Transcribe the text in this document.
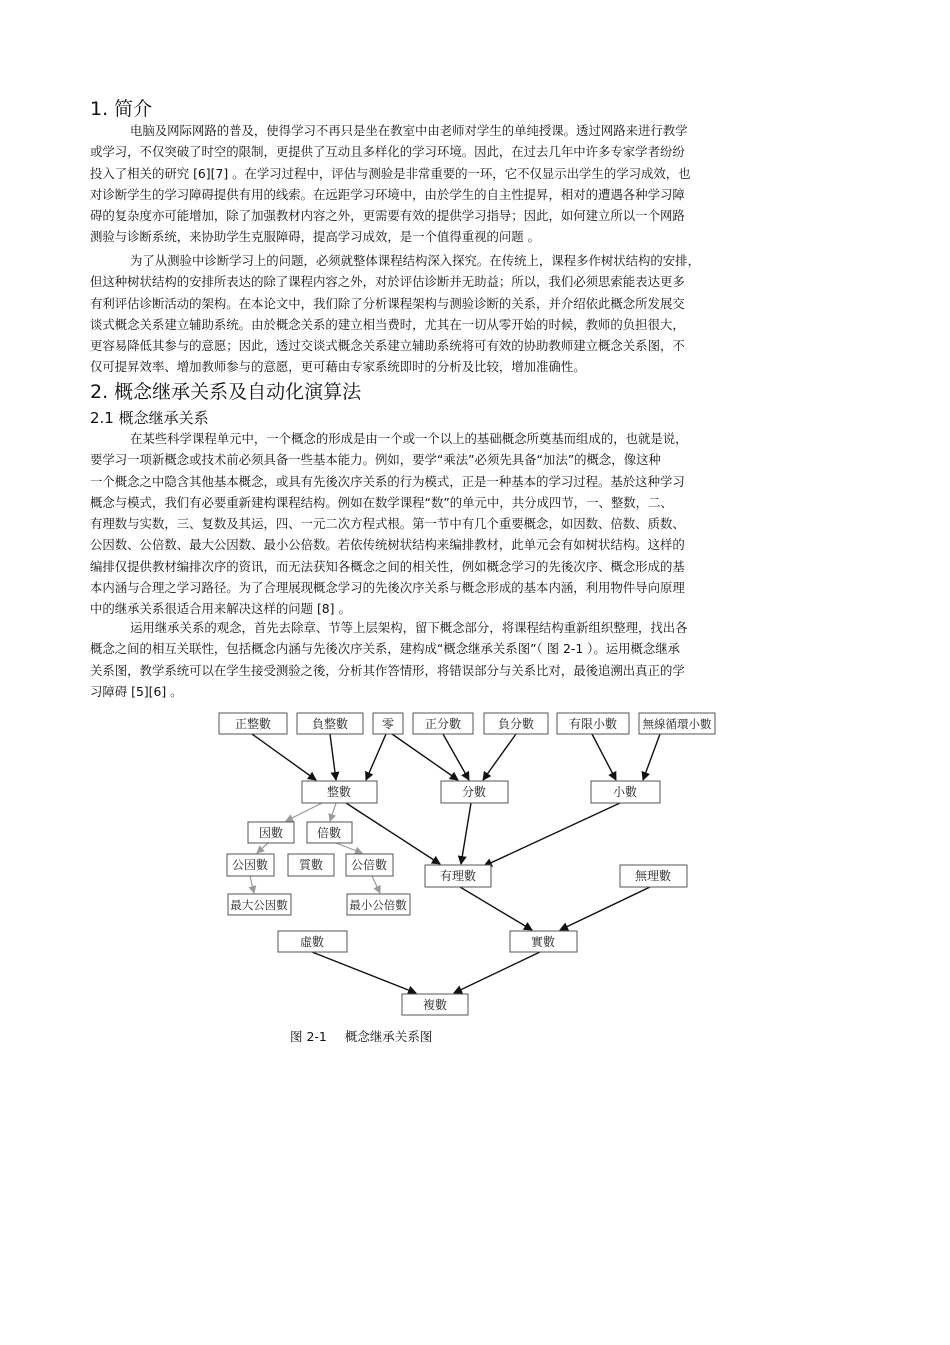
1. 简介
电脑及网际网路的普及，使得学习不再只是坐在教室中由老师对学生的单纯授课。透过网路来进行教学
或学习，不仅突破了时空的限制，更提供了互动且多样化的学习环境。因此，在过去几年中许多专家学者纷纷
投入了相关的研究 [6][7] 。在学习过程中，评估与测验是非常重要的一环，它不仅显示出学生的学习成效，也
对诊断学生的学习障碍提供有用的线索。在远距学习环境中，由於学生的自主性提昇，相对的遭遇各种学习障
碍的复杂度亦可能增加，除了加强教材内容之外，更需要有效的提供学习指导；因此，如何建立所以一个网路
测验与诊断系统，来协助学生克服障碍，提高学习成效，是一个值得重视的问题 。
为了从测验中诊断学习上的问题，必须就整体课程结构深入探究。在传统上，课程多作树状结构的安排，
但这种树状结构的安排所表达的除了课程内容之外，对於评估诊断并无助益；所以，我们必须思索能表达更多
有利评估诊断活动的架构。在本论文中，我们除了分析课程架构与测验诊断的关系，并介绍依此概念所发展交
谈式概念关系建立辅助系统。由於概念关系的建立相当费时，尤其在一切从零开始的时候，教师的负担很大，
更容易降低其参与的意愿；因此，透过交谈式概念关系建立辅助系统将可有效的协助教师建立概念关系图，不
仅可提昇效率、增加教师参与的意愿，更可藉由专家系统即时的分析及比较，增加准确性。
2. 概念继承关系及自动化演算法
2.1 概念继承关系
在某些科学课程单元中，一个概念的形成是由一个或一个以上的基础概念所奠基而组成的，也就是说，
要学习一项新概念或技术前必须具备一些基本能力。例如，要学“乘法”必须先具备“加法”的概念，像这种
一个概念之中隐含其他基本概念，或具有先後次序关系的行为模式，正是一种基本的学习过程。基於这种学习
概念与模式，我们有必要重新建构课程结构。例如在数学课程“数”的单元中，共分成四节，一、整数，二、
有理数与实数，三、复数及其运，四、一元二次方程式根。第一节中有几个重要概念，如因数、倍数、质数、
公因数、公倍数、最大公因数、最小公倍数。若依传统树状结构来编排教材，此单元会有如树状结构。这样的
编排仅提供教材编排次序的资讯，而无法获知各概念之间的相关性，例如概念学习的先後次序、概念形成的基
本内涵与合理之学习路径。为了合理展现概念学习的先後次序关系与概念形成的基本内涵，利用物件导向原理
中的继承关系很适合用来解决这样的问题 [8] 。
运用继承关系的观念，首先去除章、节等上层架构，留下概念部分，将课程结构重新组织整理，找出各
概念之间的相互关联性，包括概念内涵与先後次序关系，建构成“概念继承关系图”（ 图 2-1 ）。运用概念继承
关系图，教学系统可以在学生接受测验之後，分析其作答情形，将错误部分与关系比对，最後追溯出真正的学
习障碍 [5][6] 。
正整數	負整數	零	正分數	負分數	有限小數 無線循環小數
整數	分數	小數
因數	倍數
公因數	質數 公倍數
有理數	無理數
最大公因數	最小公倍數
虛數	實數
複數
图 2-1 概念继承关系图
